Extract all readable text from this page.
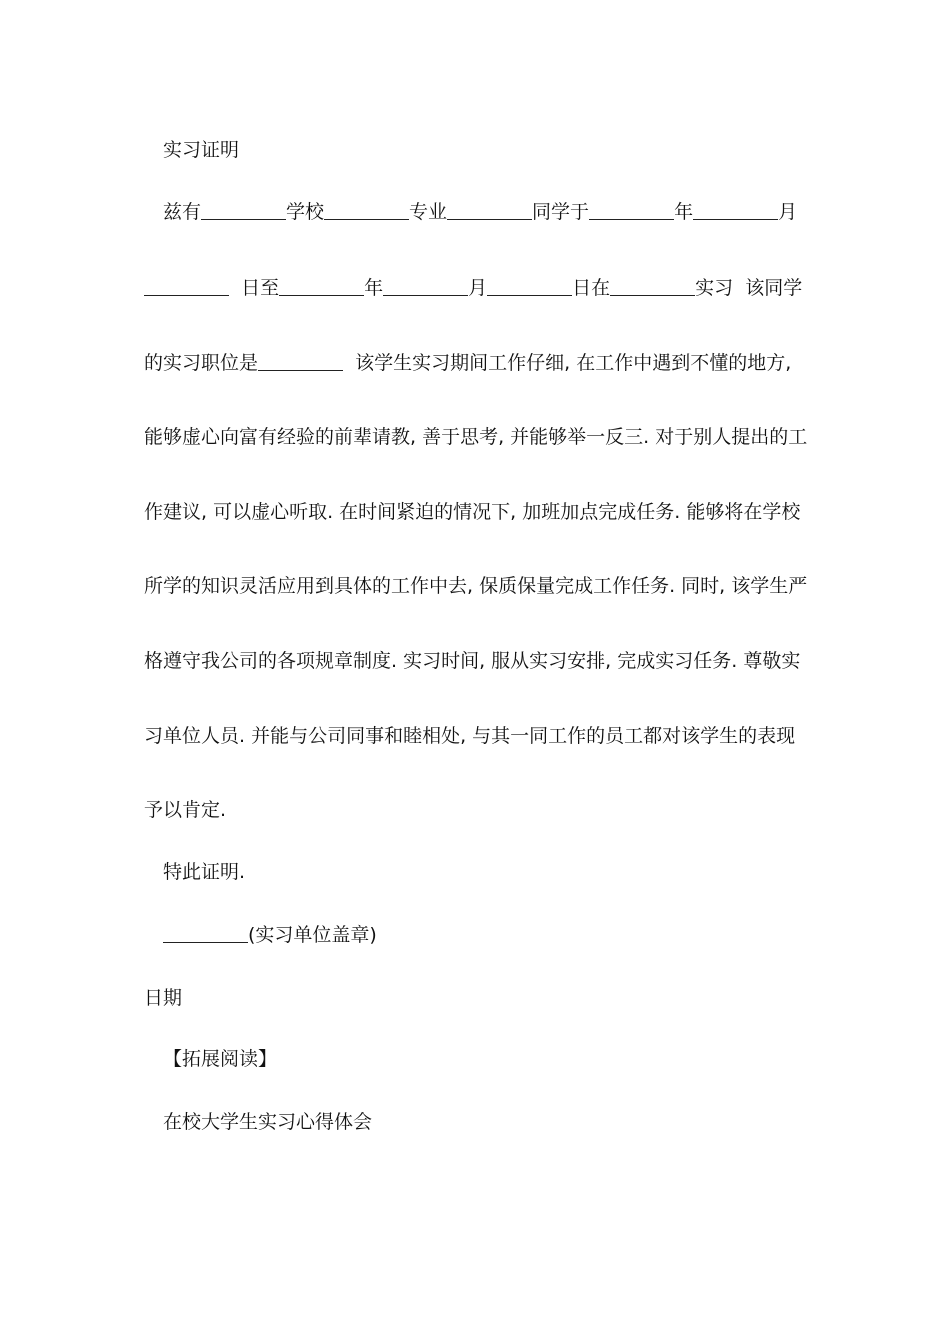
实习证明
兹有	学校	专业	同学于	年	月
日至	年	月	日在	实习 该同学
的实习职位是	该学生实习期间工作仔细, 在工作中遇到不懂的地方,
能够虚心向富有经验的前辈请教, 善于思考, 并能够举一反三. 对于别人提出的工
作建议, 可以虚心听取. 在时间紧迫的情况下, 加班加点完成任务. 能够将在学校
所学的知识灵活应用到具体的工作中去, 保质保量完成工作任务. 同时, 该学生严
格遵守我公司的各项规章制度. 实习时间, 服从实习安排, 完成实习任务. 尊敬实
习单位人员. 并能与公司同事和睦相处, 与其一同工作的员工都对该学生的表现
予以肯定.
特此证明.
(实习单位盖章)
日期
【拓展阅读】
在校大学生实习心得体会
